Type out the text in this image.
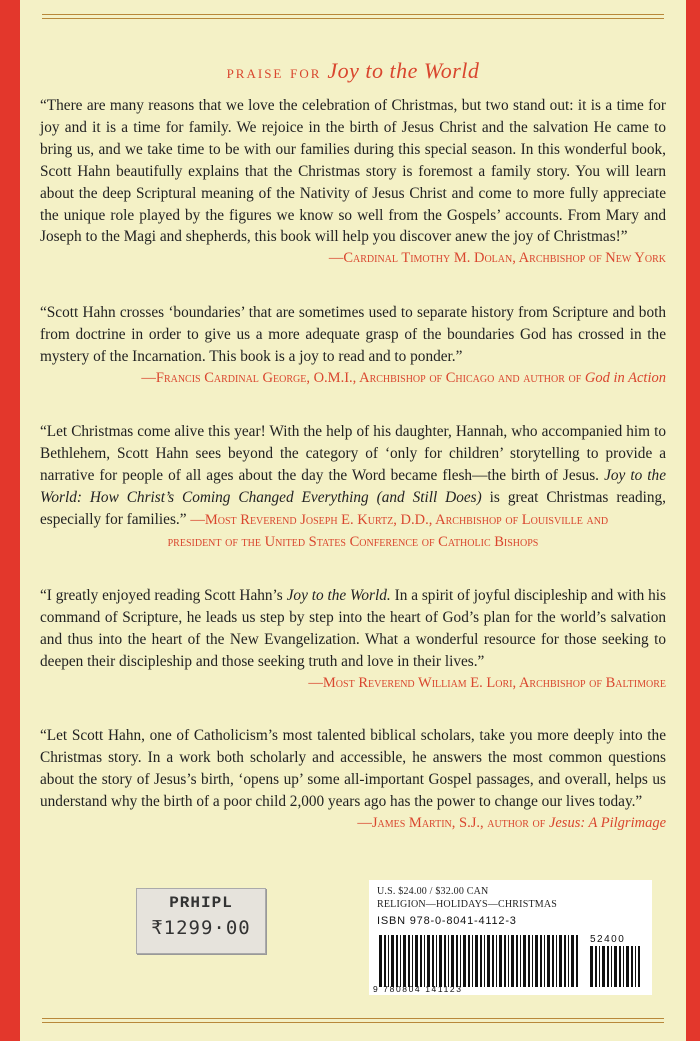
praise for Joy to the World
“There are many reasons that we love the celebration of Christmas, but two stand out: it is a time for joy and it is a time for family. We rejoice in the birth of Jesus Christ and the salvation He came to bring us, and we take time to be with our families during this special season. In this wonderful book, Scott Hahn beautifully explains that the Christmas story is foremost a family story. You will learn about the deep Scriptural meaning of the Nativity of Jesus Christ and come to more fully appreciate the unique role played by the figures we know so well from the Gospels’ accounts. From Mary and Joseph to the Magi and shepherds, this book will help you discover anew the joy of Christmas!”
—Cardinal Timothy M. Dolan, Archbishop of New York
“Scott Hahn crosses ‘boundaries’ that are sometimes used to separate history from Scripture and both from doctrine in order to give us a more adequate grasp of the boundaries God has crossed in the mystery of the Incarnation. This book is a joy to read and to ponder.”
—Francis Cardinal George, O.M.I., Archbishop of Chicago and author of God in Action
“Let Christmas come alive this year! With the help of his daughter, Hannah, who accompanied him to Bethlehem, Scott Hahn sees beyond the category of ‘only for children’ storytelling to provide a narrative for people of all ages about the day the Word became flesh—the birth of Jesus. Joy to the World: How Christ’s Coming Changed Everything (and Still Does) is great Christmas reading, especially for families.” —Most Reverend Joseph E. Kurtz, D.D., Archbishop of Louisville and
president of the United States Conference of Catholic Bishops
“I greatly enjoyed reading Scott Hahn’s Joy to the World. In a spirit of joyful discipleship and with his command of Scripture, he leads us step by step into the heart of God’s plan for the world’s salvation and thus into the heart of the New Evangelization. What a wonderful resource for those seeking to deepen their discipleship and those seeking truth and love in their lives.”
—Most Reverend William E. Lori, Archbishop of Baltimore
“Let Scott Hahn, one of Catholicism’s most talented biblical scholars, take you more deeply into the Christmas story. In a work both scholarly and accessible, he answers the most common questions about the story of Jesus’s birth, ‘opens up’ some all-important Gospel passages, and overall, helps us understand why the birth of a poor child 2,000 years ago has the power to change our lives today.”
—James Martin, S.J., author of Jesus: A Pilgrimage
PRHIPL
₹1299·00
U.S. $24.00 / $32.00 CAN
RELIGION—HOLIDAYS—CHRISTMAS
ISBN 978-0-8041-4112-3
52400
9 780804 141123
